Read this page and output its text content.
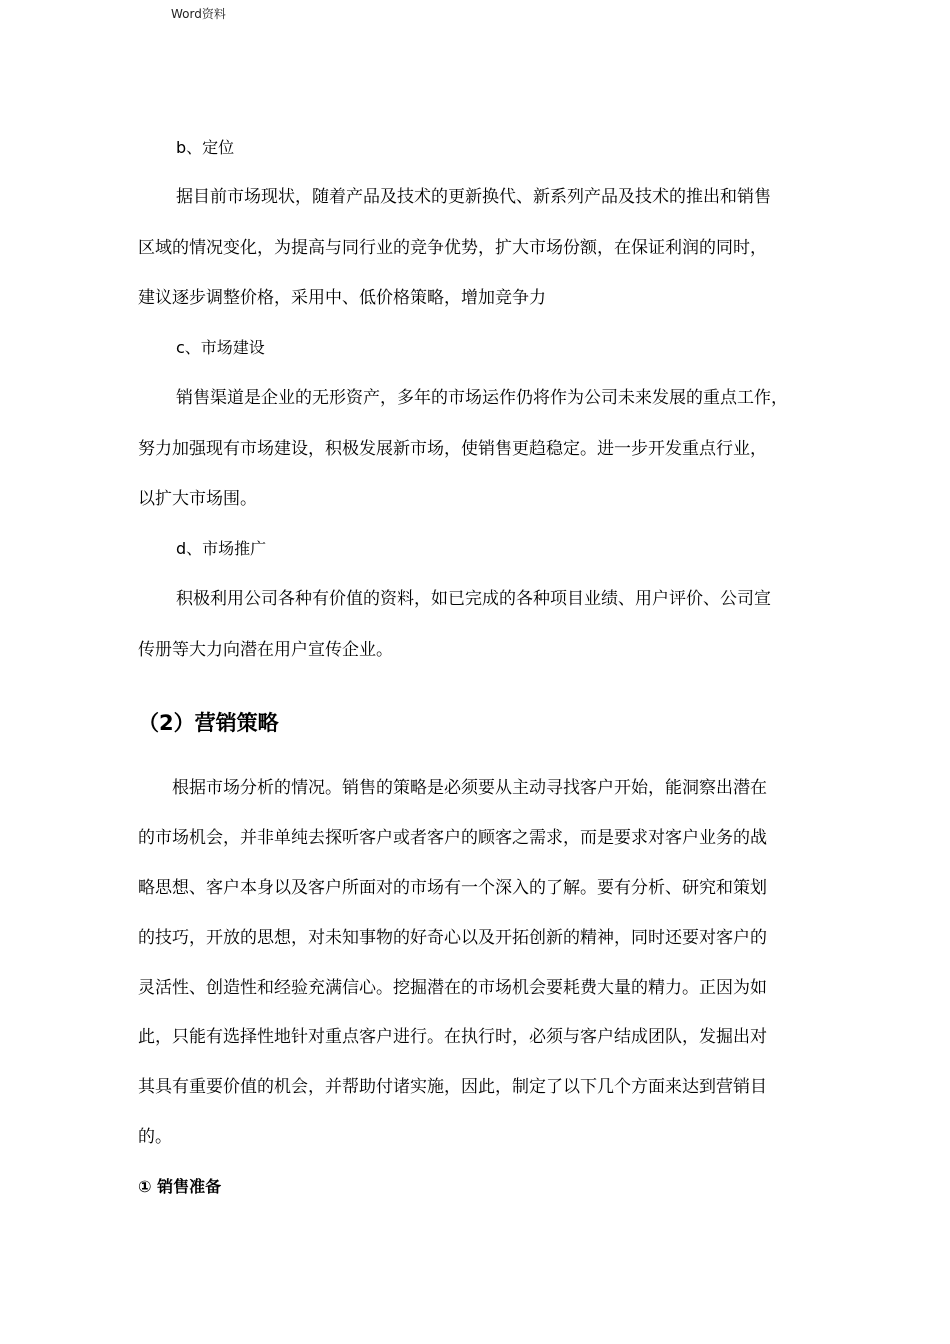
Word资料
b、定位
据目前市场现状，随着产品及技术的更新换代、新系列产品及技术的推出和销售
区域的情况变化，为提高与同行业的竞争优势，扩大市场份额，在保证利润的同时，
建议逐步调整价格，采用中、低价格策略，增加竞争力
c、市场建设
销售渠道是企业的无形资产，多年的市场运作仍将作为公司未来发展的重点工作，
努力加强现有市场建设，积极发展新市场，使销售更趋稳定。进一步开发重点行业，
以扩大市场围。
d、市场推广
积极利用公司各种有价值的资料，如已完成的各种项目业绩、用户评价、公司宣
传册等大力向潜在用户宣传企业。
（2）营销策略
根据市场分析的情况。销售的策略是必须要从主动寻找客户开始，能洞察出潜在
的市场机会，并非单纯去探听客户或者客户的顾客之需求，而是要求对客户业务的战
略思想、客户本身以及客户所面对的市场有一个深入的了解。要有分析、研究和策划
的技巧，开放的思想，对未知事物的好奇心以及开拓创新的精神，同时还要对客户的
灵活性、创造性和经验充满信心。挖掘潜在的市场机会要耗费大量的精力。正因为如
此，只能有选择性地针对重点客户进行。在执行时，必须与客户结成团队，发掘出对
其具有重要价值的机会，并帮助付诸实施，因此，制定了以下几个方面来达到营销目
的。
① 销售准备
